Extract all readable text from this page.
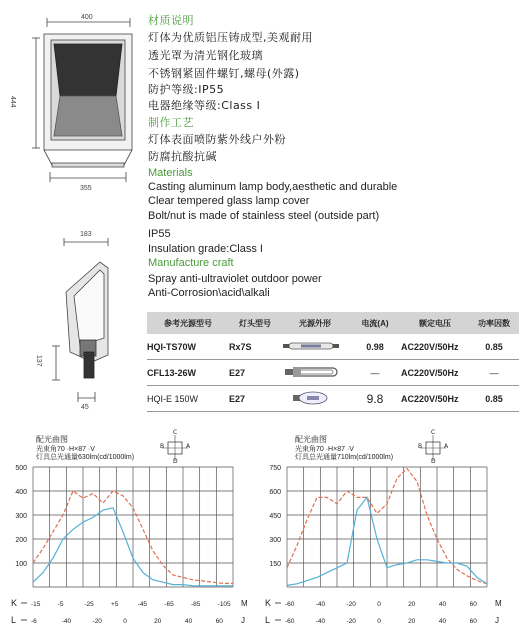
400
444
355
183
137
45
材质说明
灯体为优质铝压铸成型,美观耐用
透光罩为清光钢化玻璃
不锈钢紧固件螺钉,螺母(外露)
防护等级:IP55
电器绝缘等级:Class Ⅰ
制作工艺
灯体表面喷防紫外线户外粉
防腐抗酸抗碱
Materials
Casting aluminum lamp body,aesthetic and durable
Clear tempered glass lamp cover
Bolt/nut is made of stainless steel (outside part)
IP55
Insulation grade:Class I
Manufacture craft
Spray anti-ultraviolet outdoor power
Anti-Corrosion\acid\alkali
参考光源型号	灯头型号	光源外形	电流(A)	额定电压	功率因数
HQI-TS70W	Rx7S		0.98	AC220V/50Hz	0.85
CFL13-26W	E27		—	AC220V/50Hz	—
HQI-E 150W	E27		9.8	AC220V/50Hz	0.85
配光曲图
光束角70 ·H×87 ·V
灯具总光通量630lm(cd/1000lm)
配光曲图
光束角70 ·H×87 ·V
灯具总光通量710lm(cd/1000lm)
C
B	A
D
C
B	A
D
500
400
300
200
100
K -15	-5	-25	+5	-45	-65	-85	-105
L -6	-40	-20	0	20	40	60
M
J
750
600
450
300
150
K -60	-40	-20	0	20	40	60
L -60	-40	-20	0	20	40	60
M
J
